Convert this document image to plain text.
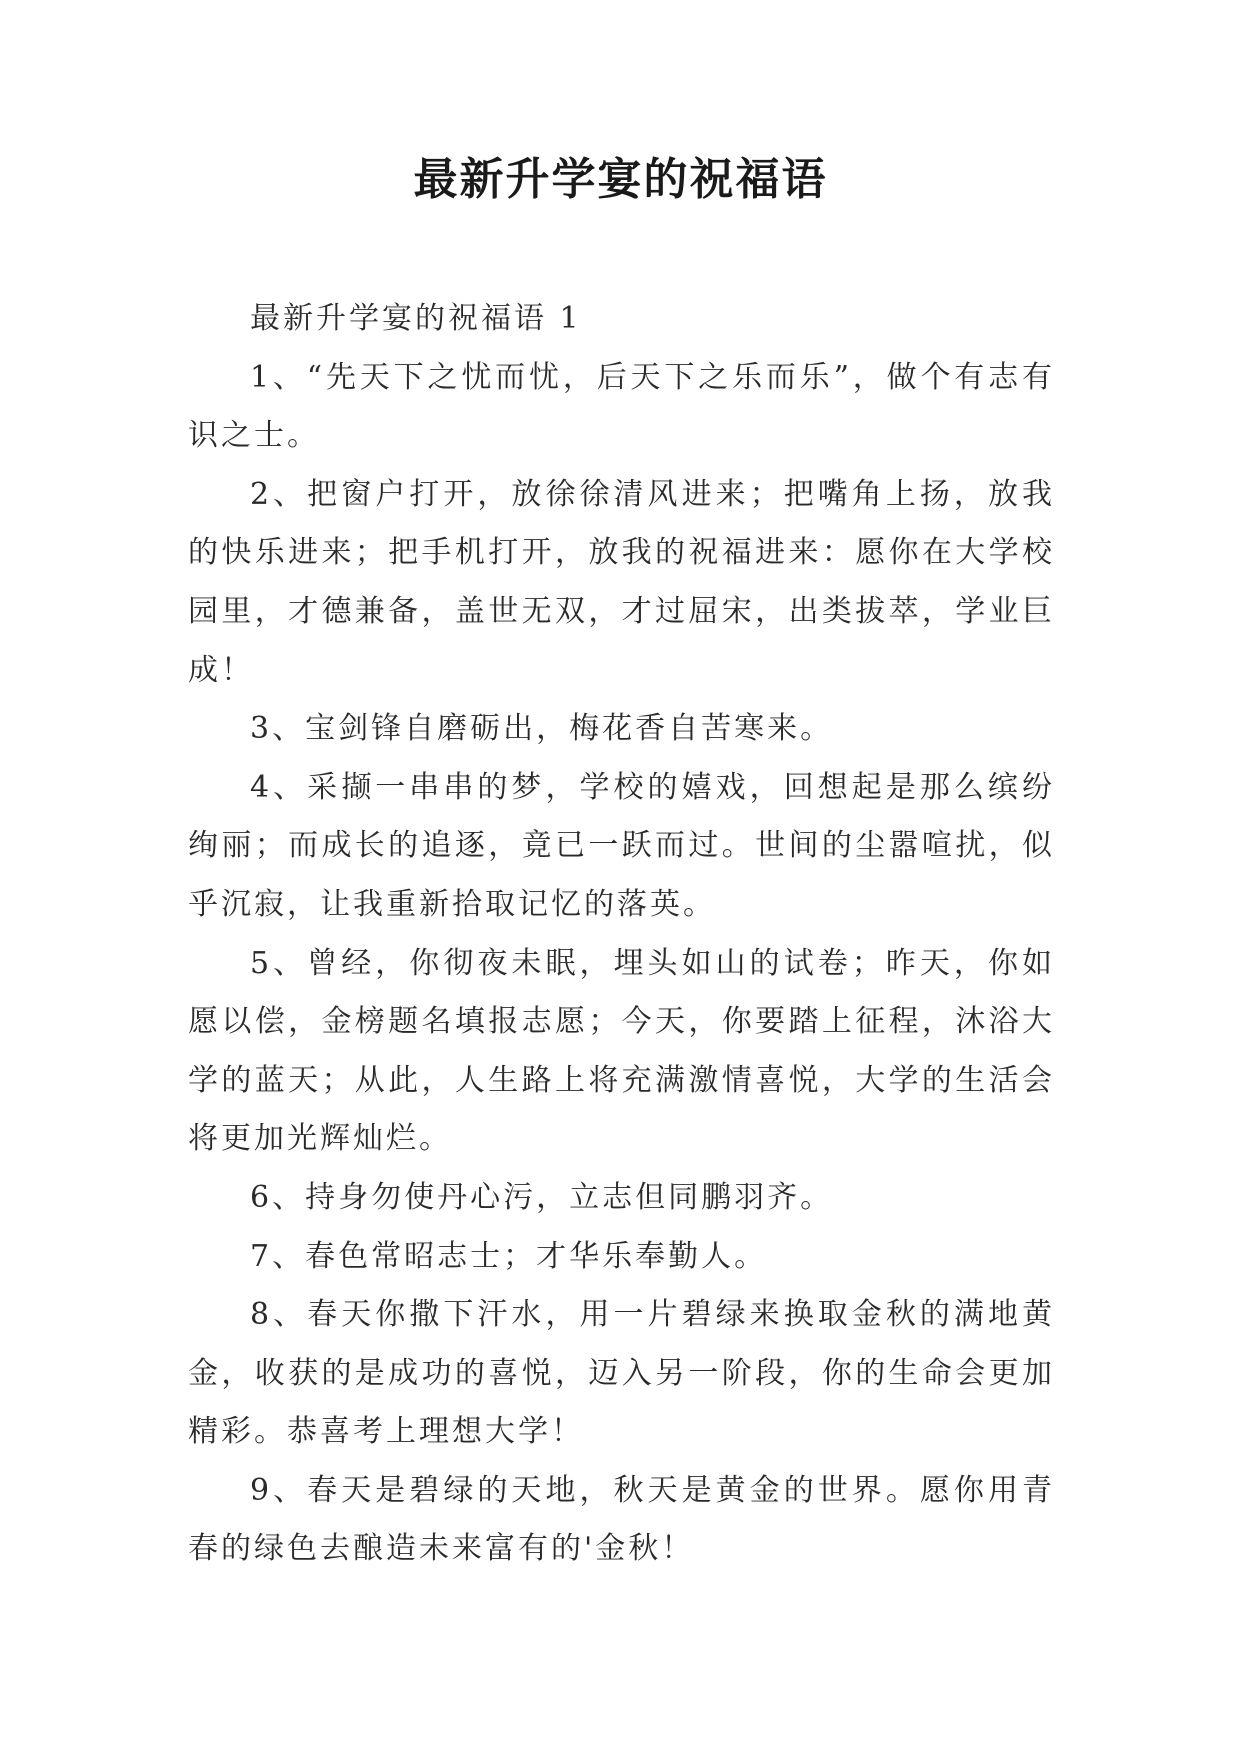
最新升学宴的祝福语

最新升学宴的祝福语 1

1、“先天下之忧而忧，后天下之乐而乐”，做个有志有识之士。

2、把窗户打开，放徐徐清风进来；把嘴角上扬，放我的快乐进来；把手机打开，放我的祝福进来：愿你在大学校园里，才德兼备，盖世无双，才过屈宋，出类拔萃，学业巨成！

3、宝剑锋自磨砺出，梅花香自苦寒来。

4、采撷一串串的梦，学校的嬉戏，回想起是那么缤纷绚丽；而成长的追逐，竟已一跃而过。世间的尘嚣喧扰，似乎沉寂，让我重新拾取记忆的落英。

5、曾经，你彻夜未眠，埋头如山的试卷；昨天，你如愿以偿，金榜题名填报志愿；今天，你要踏上征程，沐浴大学的蓝天；从此，人生路上将充满激情喜悦，大学的生活会将更加光辉灿烂。

6、持身勿使丹心污，立志但同鹏羽齐。

7、春色常昭志士；才华乐奉勤人。

8、春天你撒下汗水，用一片碧绿来换取金秋的满地黄金，收获的是成功的喜悦，迈入另一阶段，你的生命会更加精彩。恭喜考上理想大学！

9、春天是碧绿的天地，秋天是黄金的世界。愿你用青春的绿色去酿造未来富有的'金秋！
